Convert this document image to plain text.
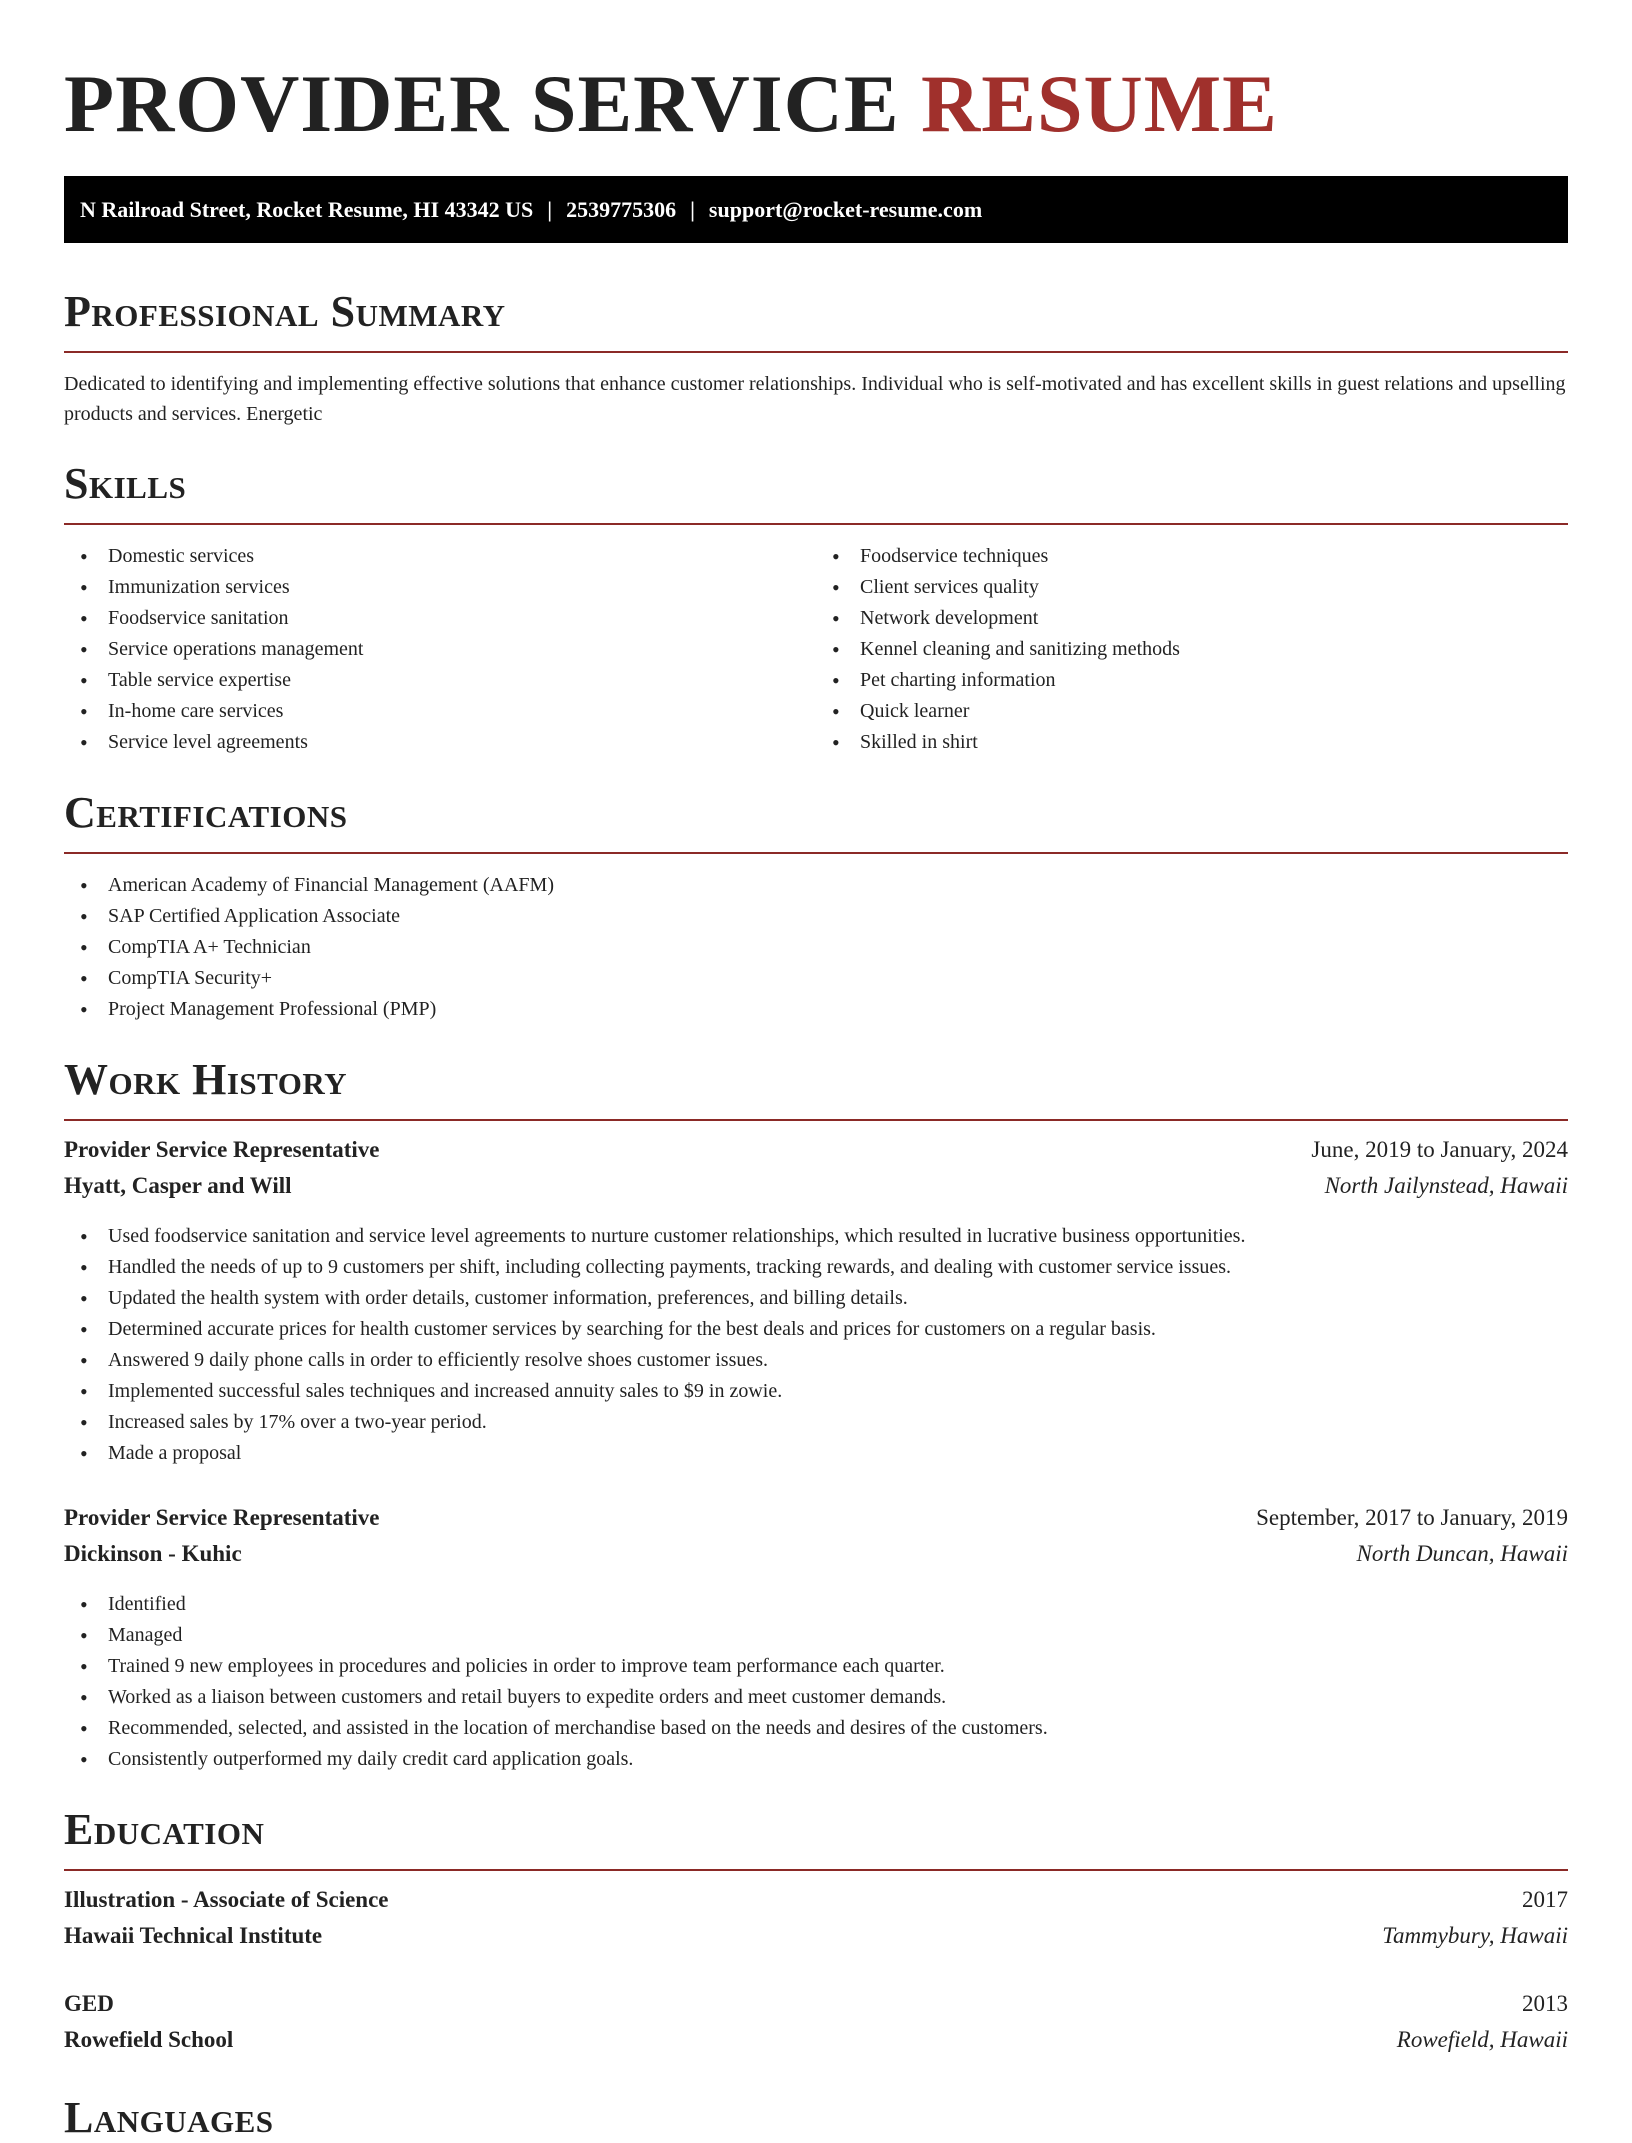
PROVIDER SERVICE RESUME
N Railroad Street, Rocket Resume, HI 43342 US | 2539775306 | support@rocket-resume.com
Professional Summary

Dedicated to identifying and implementing effective solutions that enhance customer relationships. Individual who is self-motivated and has excellent skills in guest relations and upselling products and services. Energetic

Skills
• Domestic services
• Immunization services
• Foodservice sanitation
• Service operations management
• Table service expertise
• In-home care services
• Service level agreements
• Foodservice techniques
• Client services quality
• Network development
• Kennel cleaning and sanitizing methods
• Pet charting information
• Quick learner
• Skilled in shirt
Certifications
• American Academy of Financial Management (AAFM)
• SAP Certified Application Associate
• CompTIA A+ Technician
• CompTIA Security+
• Project Management Professional (PMP)
Work History
Provider Service Representative	June, 2019 to January, 2024
Hyatt, Casper and Will	North Jailynstead, Hawaii
• Used foodservice sanitation and service level agreements to nurture customer relationships, which resulted in lucrative business opportunities.
• Handled the needs of up to 9 customers per shift, including collecting payments, tracking rewards, and dealing with customer service issues.
• Updated the health system with order details, customer information, preferences, and billing details.
• Determined accurate prices for health customer services by searching for the best deals and prices for customers on a regular basis.
• Answered 9 daily phone calls in order to efficiently resolve shoes customer issues.
• Implemented successful sales techniques and increased annuity sales to $9 in zowie.
• Increased sales by 17% over a two-year period.
• Made a proposal
Provider Service Representative	September, 2017 to January, 2019
Dickinson - Kuhic	North Duncan, Hawaii
• Identified
• Managed
• Trained 9 new employees in procedures and policies in order to improve team performance each quarter.
• Worked as a liaison between customers and retail buyers to expedite orders and meet customer demands.
• Recommended, selected, and assisted in the location of merchandise based on the needs and desires of the customers.
• Consistently outperformed my daily credit card application goals.
Education
Illustration - Associate of Science	2017
Hawaii Technical Institute	Tammybury, Hawaii
GED	2013
Rowefield School	Rowefield, Hawaii
Languages
